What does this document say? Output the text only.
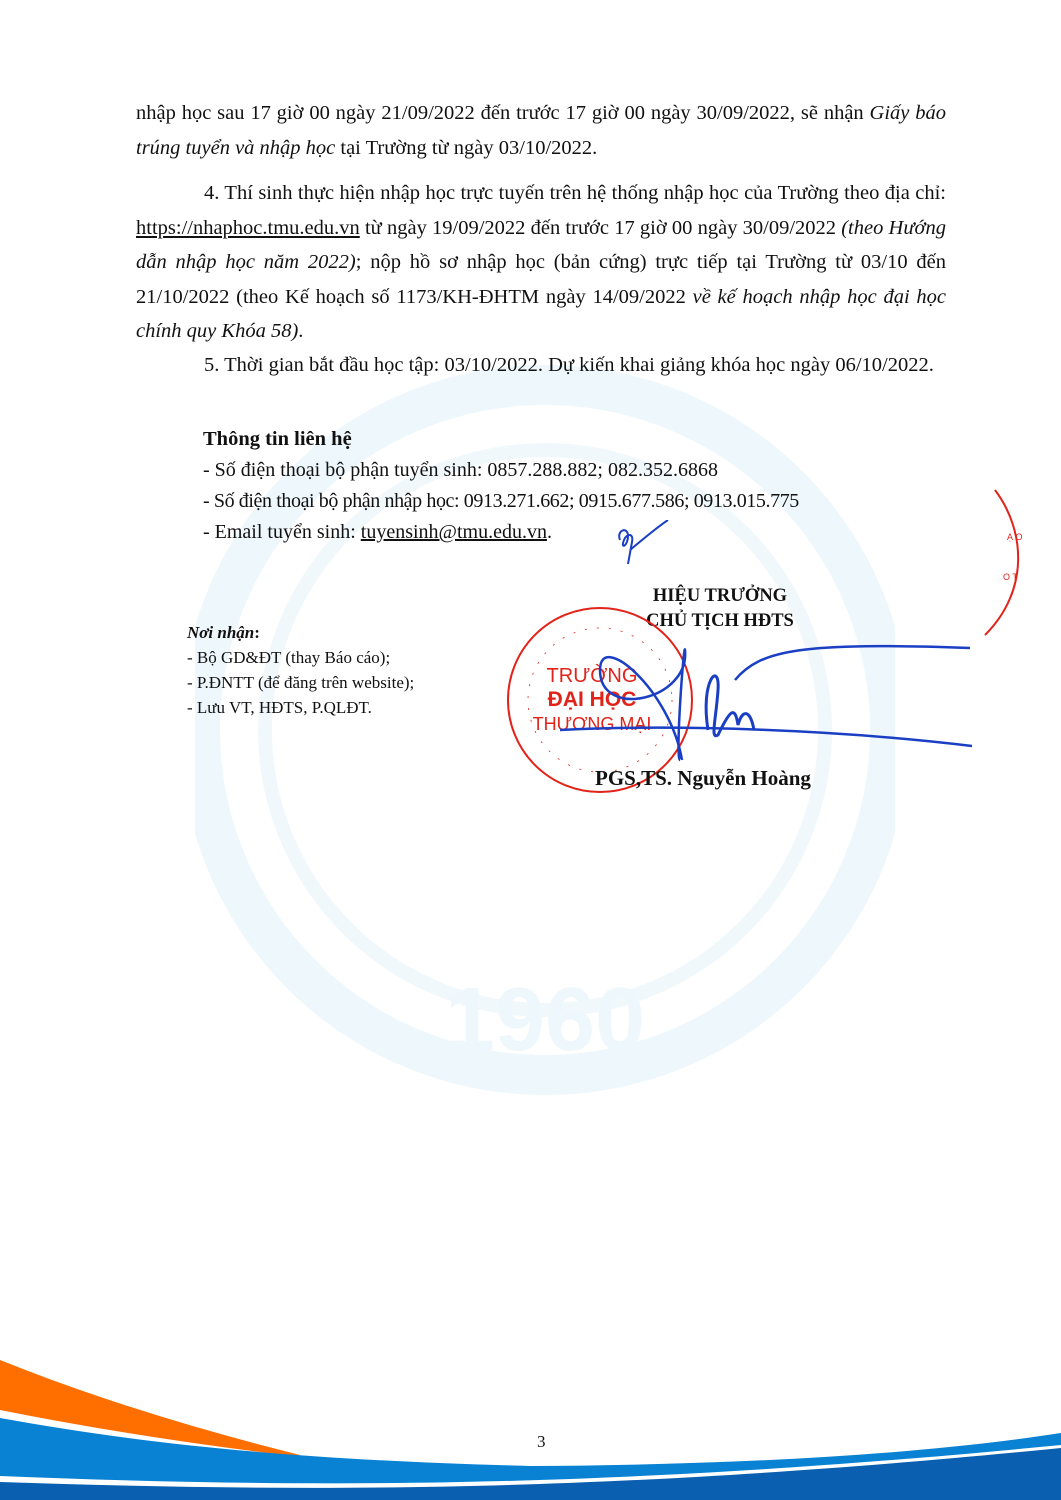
1960

nhập học sau 17 giờ 00 ngày 21/09/2022 đến trước 17 giờ 00 ngày 30/09/2022, sẽ nhận Giấy báo trúng tuyển và nhập học tại Trường từ ngày 03/10/2022.

4. Thí sinh thực hiện nhập học trực tuyến trên hệ thống nhập học của Trường theo địa chỉ: https://nhaphoc.tmu.edu.vn từ ngày 19/09/2022 đến trước 17 giờ 00 ngày 30/09/2022 (theo Hướng dẫn nhập học năm 2022); nộp hồ sơ nhập học (bản cứng) trực tiếp tại Trường từ 03/10 đến 21/10/2022 (theo Kế hoạch số 1173/KH-ĐHTM ngày 14/09/2022 về kế hoạch nhập học đại học chính quy Khóa 58).

5. Thời gian bắt đầu học tập: 03/10/2022. Dự kiến khai giảng khóa học ngày 06/10/2022.

Thông tin liên hệ
- Số điện thoại bộ phận tuyển sinh: 0857.288.882; 082.352.6868
- Số điện thoại bộ phận nhập học: 0913.271.662; 0915.677.586; 0913.015.775
- Email tuyển sinh: tuyensinh@tmu.edu.vn.
Nơi nhận:
- Bộ GD&ĐT (thay Báo cáo);
- P.ĐNTT (để đăng trên website);
- Lưu VT, HĐTS, P.QLĐT.
HIỆU TRƯỞNG
CHỦ TỊCH HĐTS
TRƯỜNG
ĐẠI HỌC
THƯƠNG MẠI
Ạ O
O T
PGS,TS. Nguyễn Hoàng
3
